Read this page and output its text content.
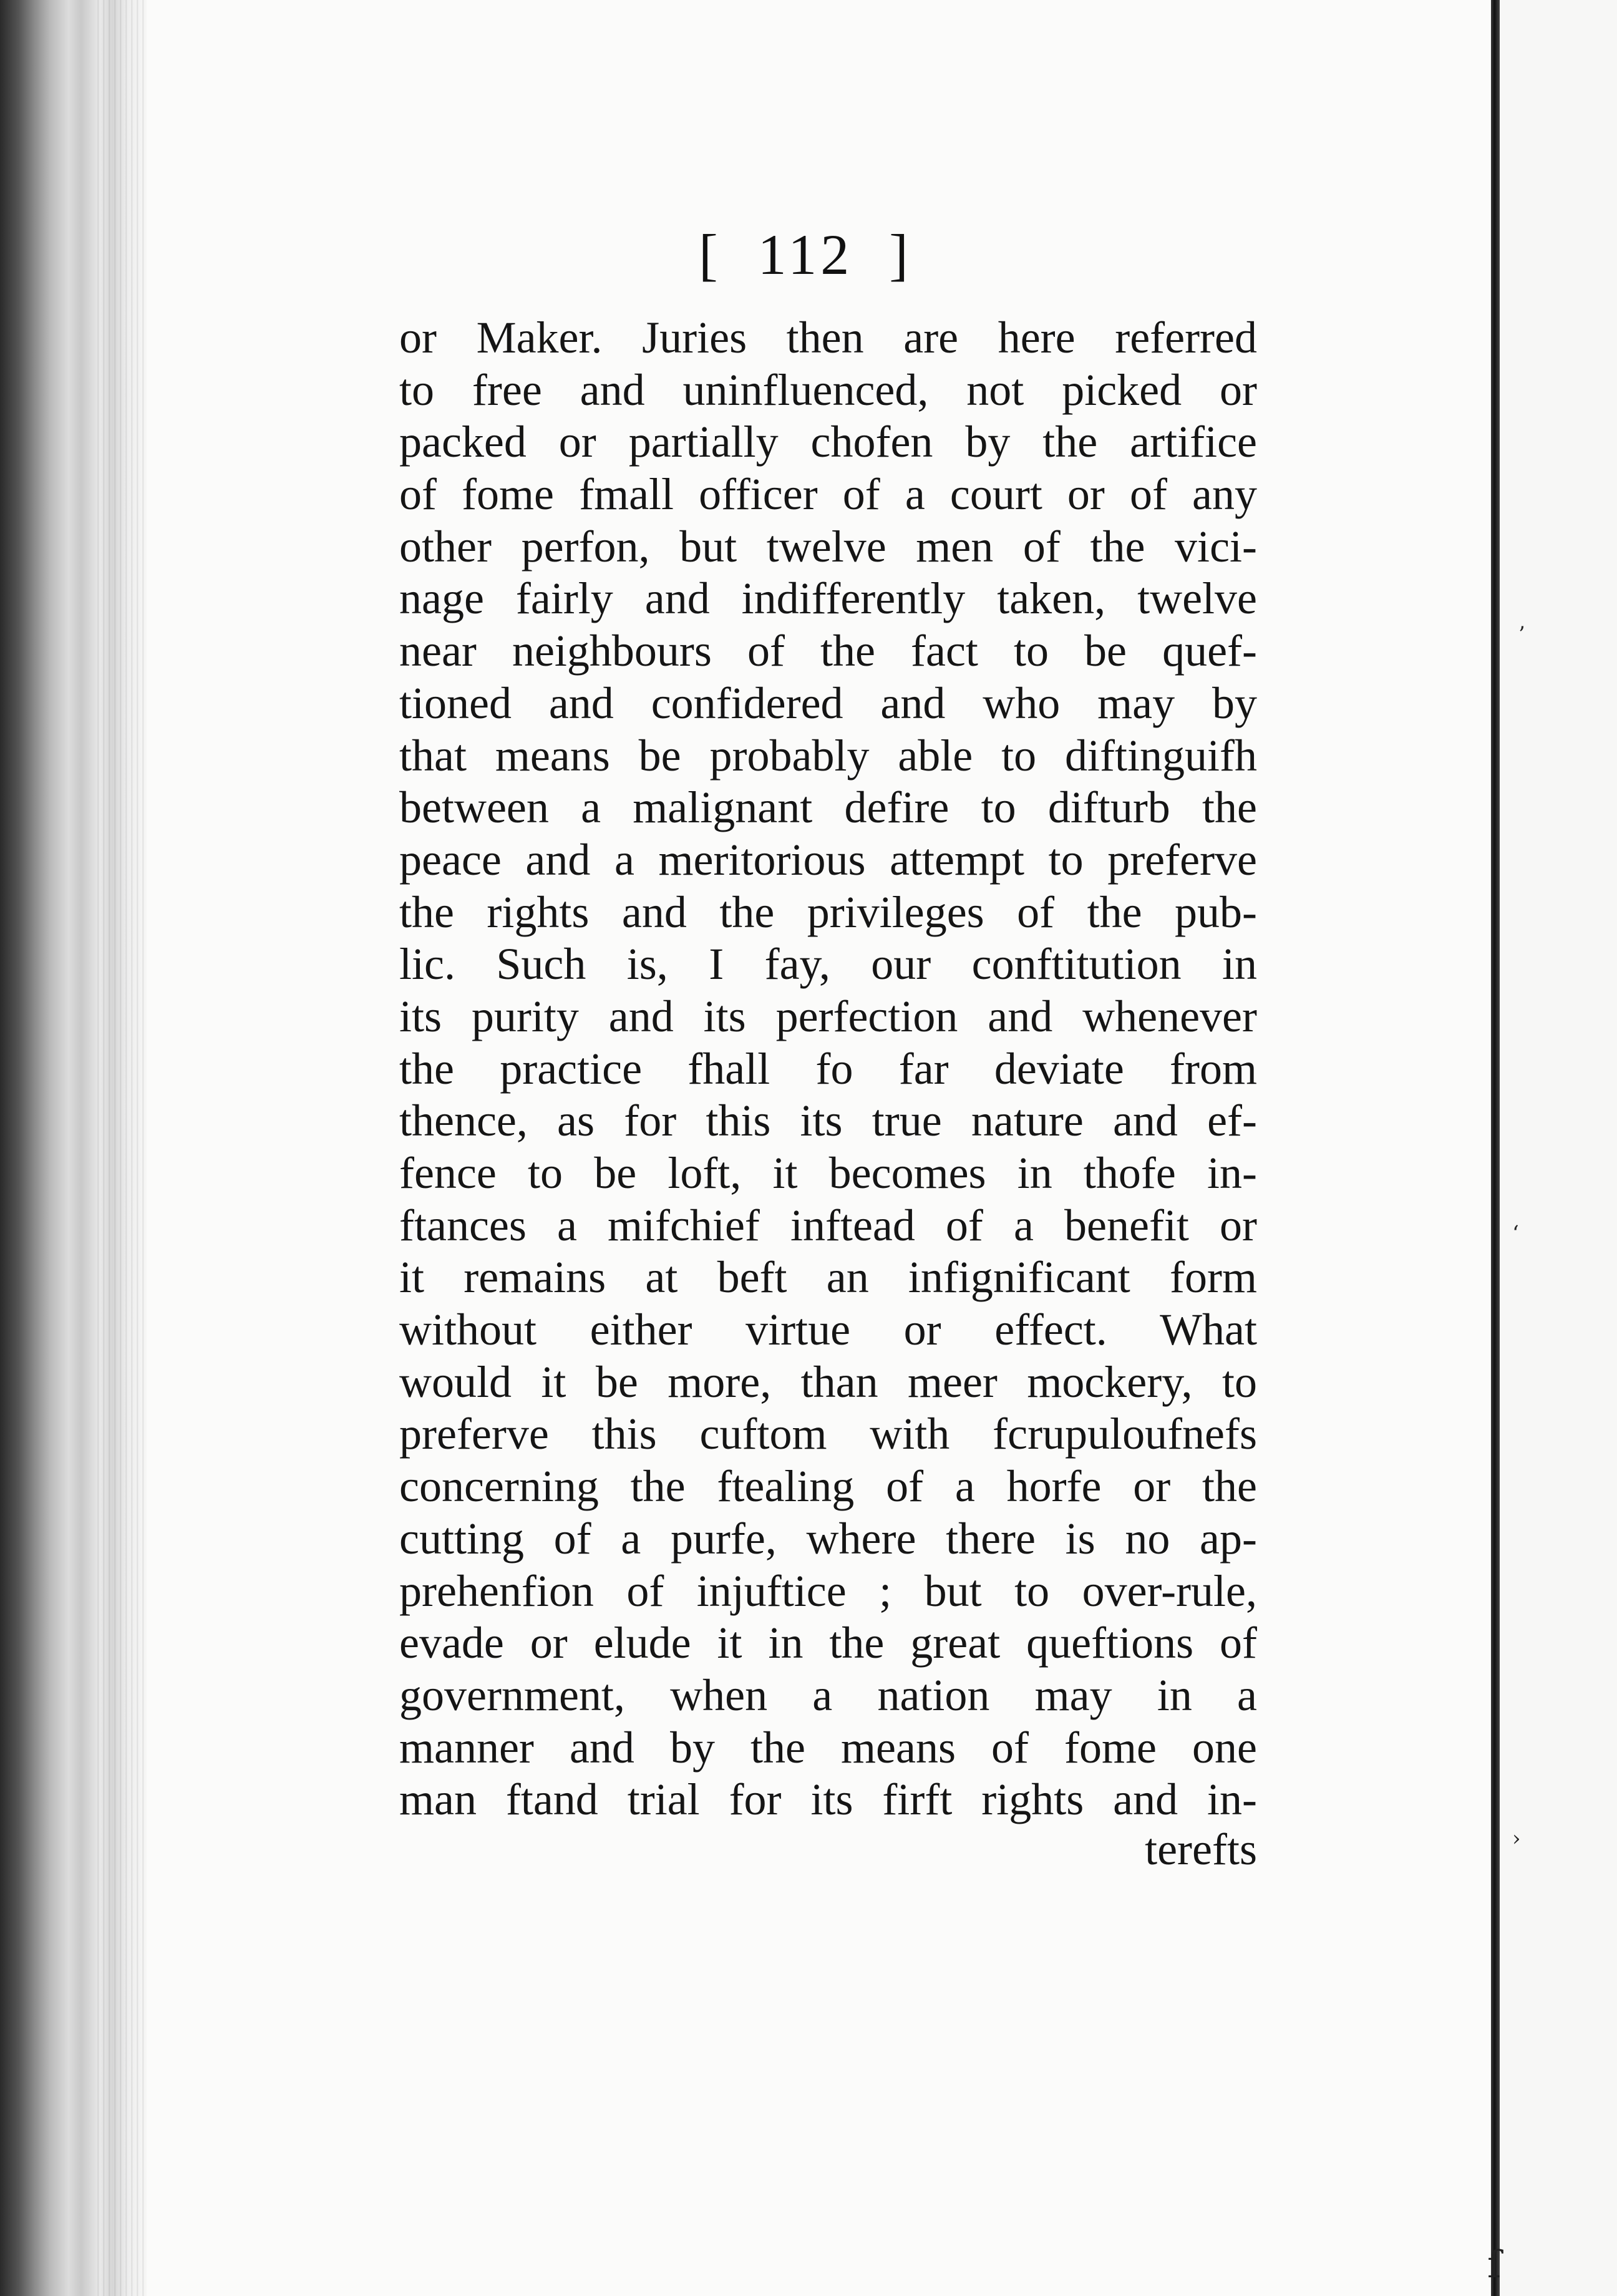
’
‘
›
ſ
[  112  ]
or Maker. Juries then are here referred
to free and uninfluenced, not picked or
packed or partially chofen by the artifice
of fome fmall officer of a court or of any
other perfon, but twelve men of the vici-
nage fairly and indifferently taken, twelve
near neighbours of the fact to be quef-
tioned and confidered and who may by
that means be probably able to diftinguifh
between a malignant defire to difturb the
peace and a meritorious attempt to preferve
the rights and the privileges of the pub-
lic. Such is, I fay, our conftitution in
its purity and its perfection and whenever
the practice fhall fo far deviate from
thence, as for this its true nature and ef-
fence to be loft, it becomes in thofe in-
ftances a mifchief inftead of a benefit or
it remains at beft an infignificant form
without either virtue or effect. What
would it be more, than meer mockery, to
preferve this cuftom with fcrupuloufnefs
concerning the ftealing of a horfe or the
cutting of a purfe, where there is no ap-
prehenfion of injuftice ; but to over-rule,
evade or elude it in the great queftions of
government, when a nation may in a
manner and by the means of fome one
man ftand trial for its firft rights and in-
terefts
